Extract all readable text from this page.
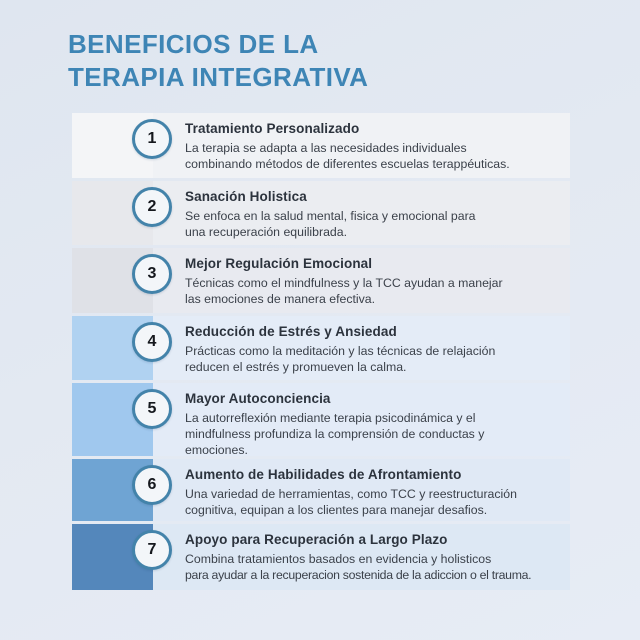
BENEFICIOS DE LA
TERAPIA INTEGRATIVA
Tratamiento Personalizado
La terapia se adapta a las necesidades individuales
combinando métodos de diferentes escuelas terappéuticas.
1
Sanación Holistica
Se enfoca en la salud mental, fisica y emocional para
una recuperación equilibrada.
2
Mejor Regulación Emocional
Técnicas como el mindfulness y la TCC ayudan a manejar
las emociones de manera efectiva.
3
Reducción de Estrés y Ansiedad
Prácticas como la meditación y las técnicas de relajación
reducen el estrés y promueven la calma.
4
Mayor Autoconciencia
La autorreflexión mediante terapia psicodinámica y el
mindfulness profundiza la comprensión de conductas y
emociones.
5
Aumento de Habilidades de Afrontamiento
Una variedad de herramientas, como TCC y reestructuración
cognitiva, equipan a los clientes para manejar desafios.
6
Apoyo para Recuperación a Largo Plazo
Combina tratamientos basados en evidencia y holisticos
para ayudar a la recuperacion sostenida de la adiccion o el trauma.
7
